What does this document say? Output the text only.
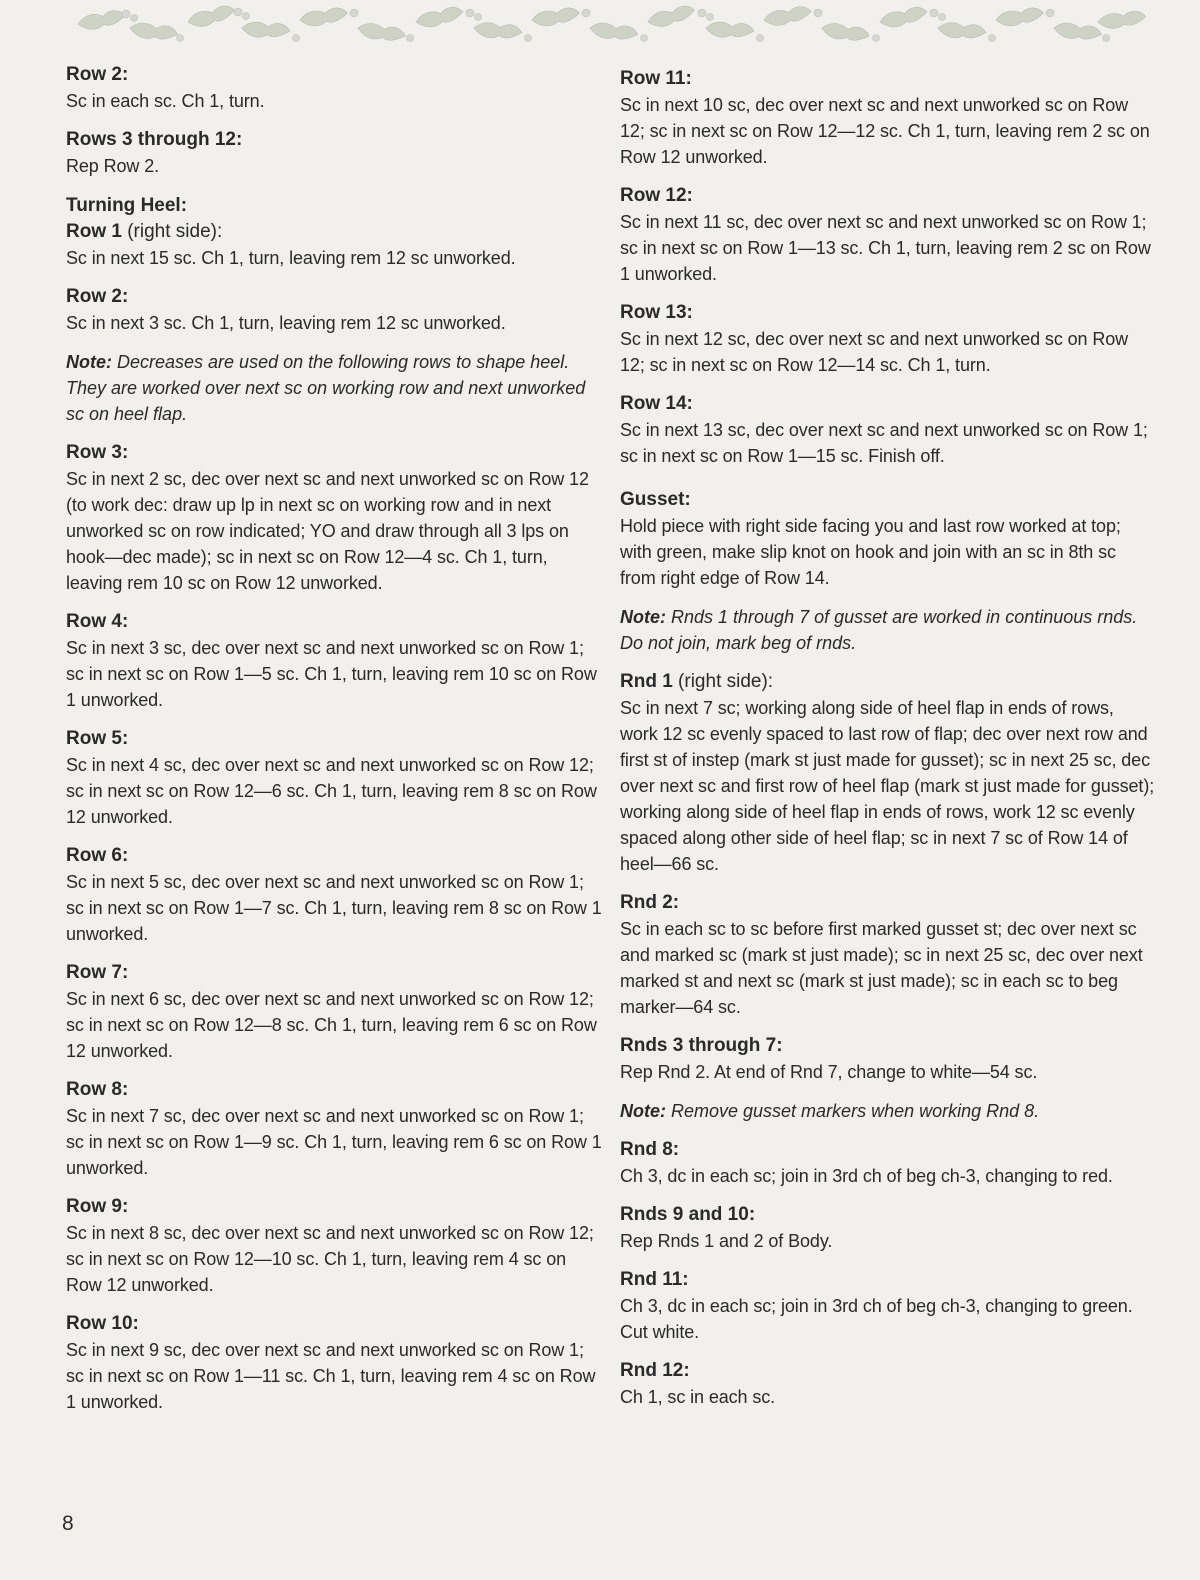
Row 2:
Sc in each sc. Ch 1, turn.
Rows 3 through 12:
Rep Row 2.
Turning Heel:
Row 1 (right side):
Sc in next 15 sc. Ch 1, turn, leaving rem 12 sc unworked.
Row 2:
Sc in next 3 sc. Ch 1, turn, leaving rem 12 sc unworked.
Note: Decreases are used on the following rows to shape heel. They are worked over next sc on working row and next unworked sc on heel flap.
Row 3:
Sc in next 2 sc, dec over next sc and next unworked sc on Row 12 (to work dec: draw up lp in next sc on working row and in next unworked sc on row indicated; YO and draw through all 3 lps on hook—dec made); sc in next sc on Row 12—4 sc. Ch 1, turn, leaving rem 10 sc on Row 12 unworked.
Row 4:
Sc in next 3 sc, dec over next sc and next unworked sc on Row 1; sc in next sc on Row 1—5 sc. Ch 1, turn, leaving rem 10 sc on Row 1 unworked.
Row 5:
Sc in next 4 sc, dec over next sc and next unworked sc on Row 12; sc in next sc on Row 12—6 sc. Ch 1, turn, leaving rem 8 sc on Row 12 unworked.
Row 6:
Sc in next 5 sc, dec over next sc and next unworked sc on Row 1; sc in next sc on Row 1—7 sc. Ch 1, turn, leaving rem 8 sc on Row 1 unworked.
Row 7:
Sc in next 6 sc, dec over next sc and next unworked sc on Row 12; sc in next sc on Row 12—8 sc. Ch 1, turn, leaving rem 6 sc on Row 12 unworked.
Row 8:
Sc in next 7 sc, dec over next sc and next unworked sc on Row 1; sc in next sc on Row 1—9 sc. Ch 1, turn, leaving rem 6 sc on Row 1 unworked.
Row 9:
Sc in next 8 sc, dec over next sc and next unworked sc on Row 12; sc in next sc on Row 12—10 sc. Ch 1, turn, leaving rem 4 sc on Row 12 unworked.
Row 10:
Sc in next 9 sc, dec over next sc and next unworked sc on Row 1; sc in next sc on Row 1—11 sc. Ch 1, turn, leaving rem 4 sc on Row 1 unworked.
Row 11:
Sc in next 10 sc, dec over next sc and next unworked sc on Row 12; sc in next sc on Row 12—12 sc. Ch 1, turn, leaving rem 2 sc on Row 12 unworked.
Row 12:
Sc in next 11 sc, dec over next sc and next unworked sc on Row 1; sc in next sc on Row 1—13 sc. Ch 1, turn, leaving rem 2 sc on Row 1 unworked.
Row 13:
Sc in next 12 sc, dec over next sc and next unworked sc on Row 12; sc in next sc on Row 12—14 sc. Ch 1, turn.
Row 14:
Sc in next 13 sc, dec over next sc and next unworked sc on Row 1; sc in next sc on Row 1—15 sc. Finish off.
Gusset:
Hold piece with right side facing you and last row worked at top; with green, make slip knot on hook and join with an sc in 8th sc from right edge of Row 14.
Note: Rnds 1 through 7 of gusset are worked in continuous rnds. Do not join, mark beg of rnds.
Rnd 1 (right side):
Sc in next 7 sc; working along side of heel flap in ends of rows, work 12 sc evenly spaced to last row of flap; dec over next row and first st of instep (mark st just made for gusset); sc in next 25 sc, dec over next sc and first row of heel flap (mark st just made for gusset); working along side of heel flap in ends of rows, work 12 sc evenly spaced along other side of heel flap; sc in next 7 sc of Row 14 of heel—66 sc.
Rnd 2:
Sc in each sc to sc before first marked gusset st; dec over next sc and marked sc (mark st just made); sc in next 25 sc, dec over next marked st and next sc (mark st just made); sc in each sc to beg marker—64 sc.
Rnds 3 through 7:
Rep Rnd 2. At end of Rnd 7, change to white—54 sc.
Note: Remove gusset markers when working Rnd 8.
Rnd 8:
Ch 3, dc in each sc; join in 3rd ch of beg ch-3, changing to red.
Rnds 9 and 10:
Rep Rnds 1 and 2 of Body.
Rnd 11:
Ch 3, dc in each sc; join in 3rd ch of beg ch-3, changing to green. Cut white.
Rnd 12:
Ch 1, sc in each sc.
8
